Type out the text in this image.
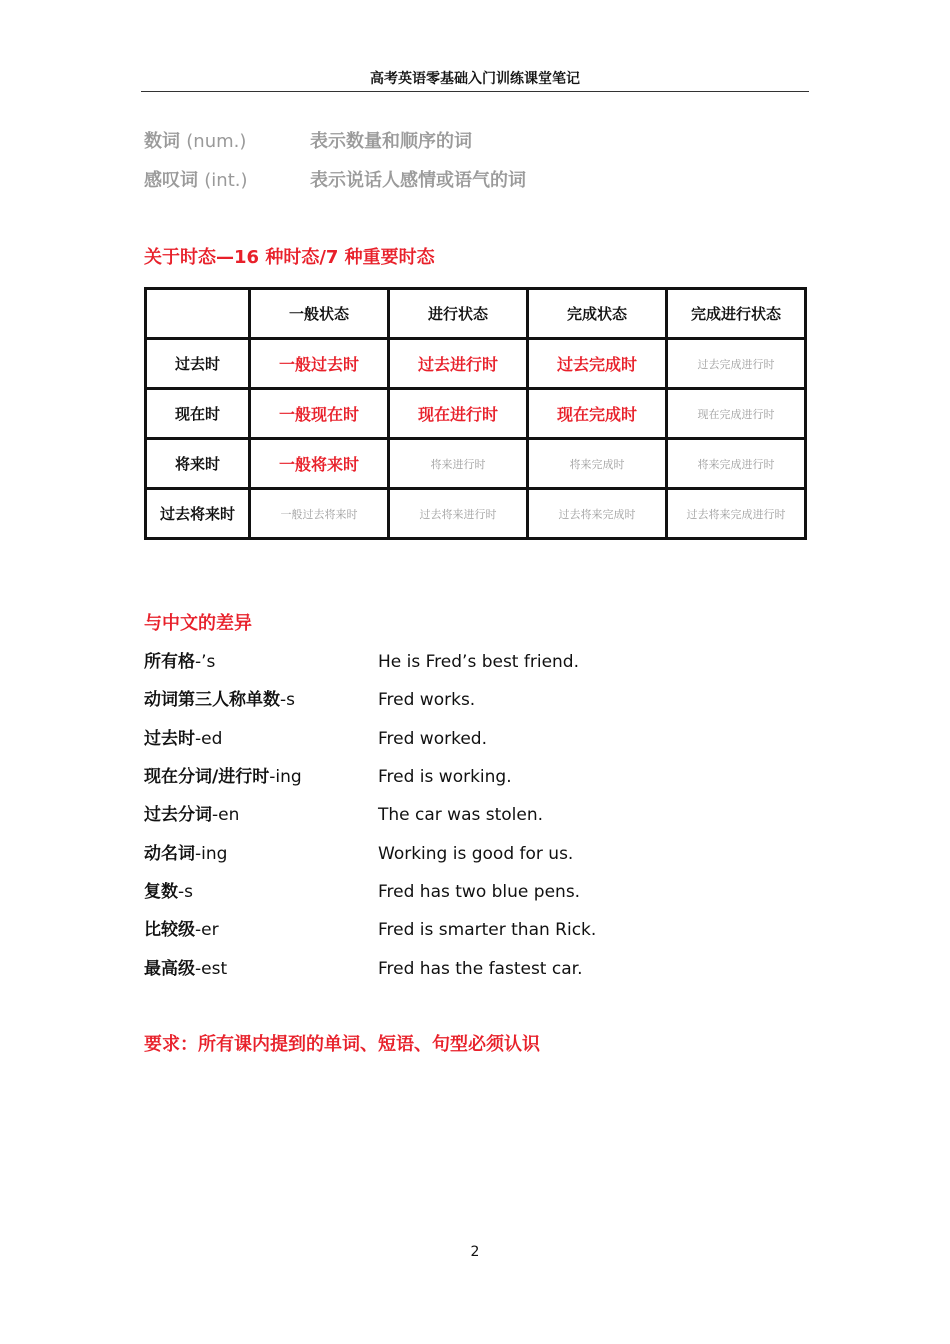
高考英语零基础入门训练课堂笔记
数词 (num.)	表示数量和顺序的词
感叹词 (int.)	表示说话人感情或语气的词
关于时态—16 种时态/7 种重要时态
	一般状态	进行状态	完成状态	完成进行状态
过去时	一般过去时	过去进行时	过去完成时	过去完成进行时
现在时	一般现在时	现在进行时	现在完成时	现在完成进行时
将来时	一般将来时	将来进行时	将来完成时	将来完成进行时
过去将来时	一般过去将来时	过去将来进行时	过去将来完成时	过去将来完成进行时
与中文的差异
所有格-’s	He is Fred’s best friend.
动词第三人称单数-s	Fred works.
过去时-ed	Fred worked.
现在分词/进行时-ing	Fred is working.
过去分词-en	The car was stolen.
动名词-ing	Working is good for us.
复数-s	Fred has two blue pens.
比较级-er	Fred is smarter than Rick.
最高级-est	Fred has the fastest car.
要求：所有课内提到的单词、短语、句型必须认识
2
